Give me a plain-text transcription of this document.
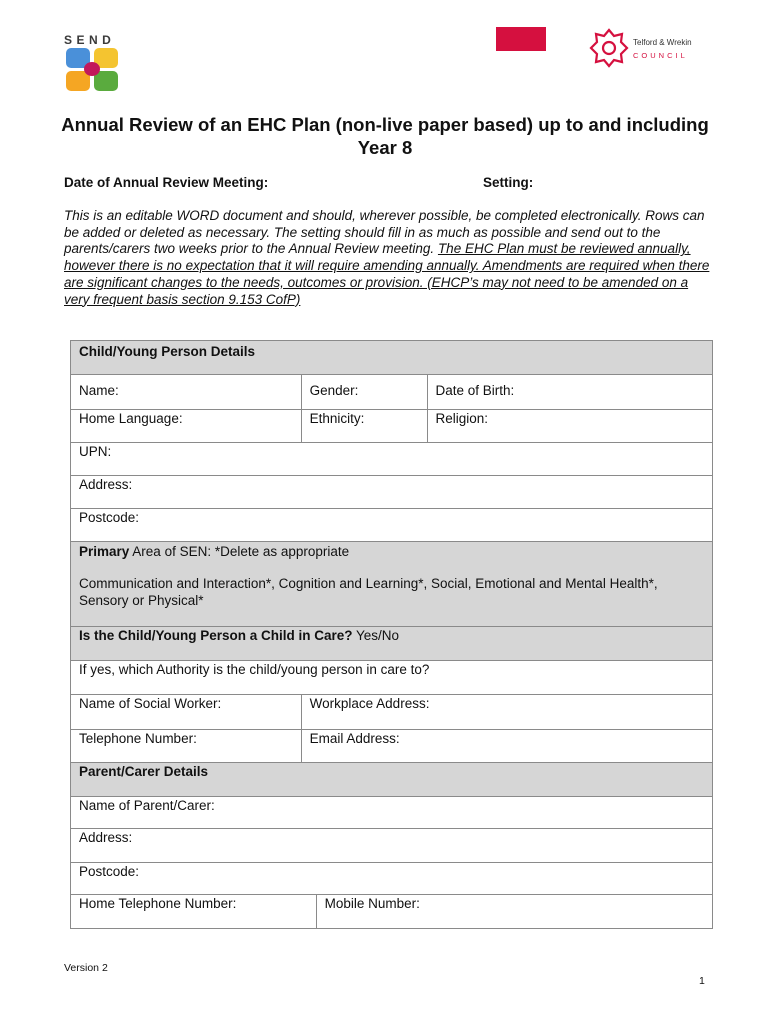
SEND	Telford & Wrekin
COUNCIL
Annual Review of an EHC Plan (non-live paper based) up to and including Year 8
Date of Annual Review Meeting:	Setting:
This is an editable WORD document and should, wherever possible, be completed electronically. Rows can be added or deleted as necessary. The setting should fill in as much as possible and send out to the parents/carers two weeks prior to the Annual Review meeting. The EHC Plan must be reviewed annually, however there is no expectation that it will require amending annually. Amendments are required when there are significant changes to the needs, outcomes or provision. (EHCP’s may not need to be amended on a very frequent basis section 9.153 CofP)
Child/Young Person Details			
Name:	Gender:		Date of Birth:
Home Language:	Ethnicity:		Religion:
UPN:			
Address:			
Postcode:			
Primary Area of SEN: *Delete as appropriate
Communication and Interaction*, Cognition and Learning*, Social, Emotional and Mental Health*, Sensory or Physical*			

Is the Child/Young Person a Child in Care? Yes/No			
If yes, which Authority is the child/young person in care to?			
Name of Social Worker:	Workplace Address:		
Telephone Number:	Email Address:		
Parent/Carer Details			
Name of Parent/Carer:			
Address:			
Postcode:			
Home Telephone Number:		Mobile Number:	
Version 2
1
